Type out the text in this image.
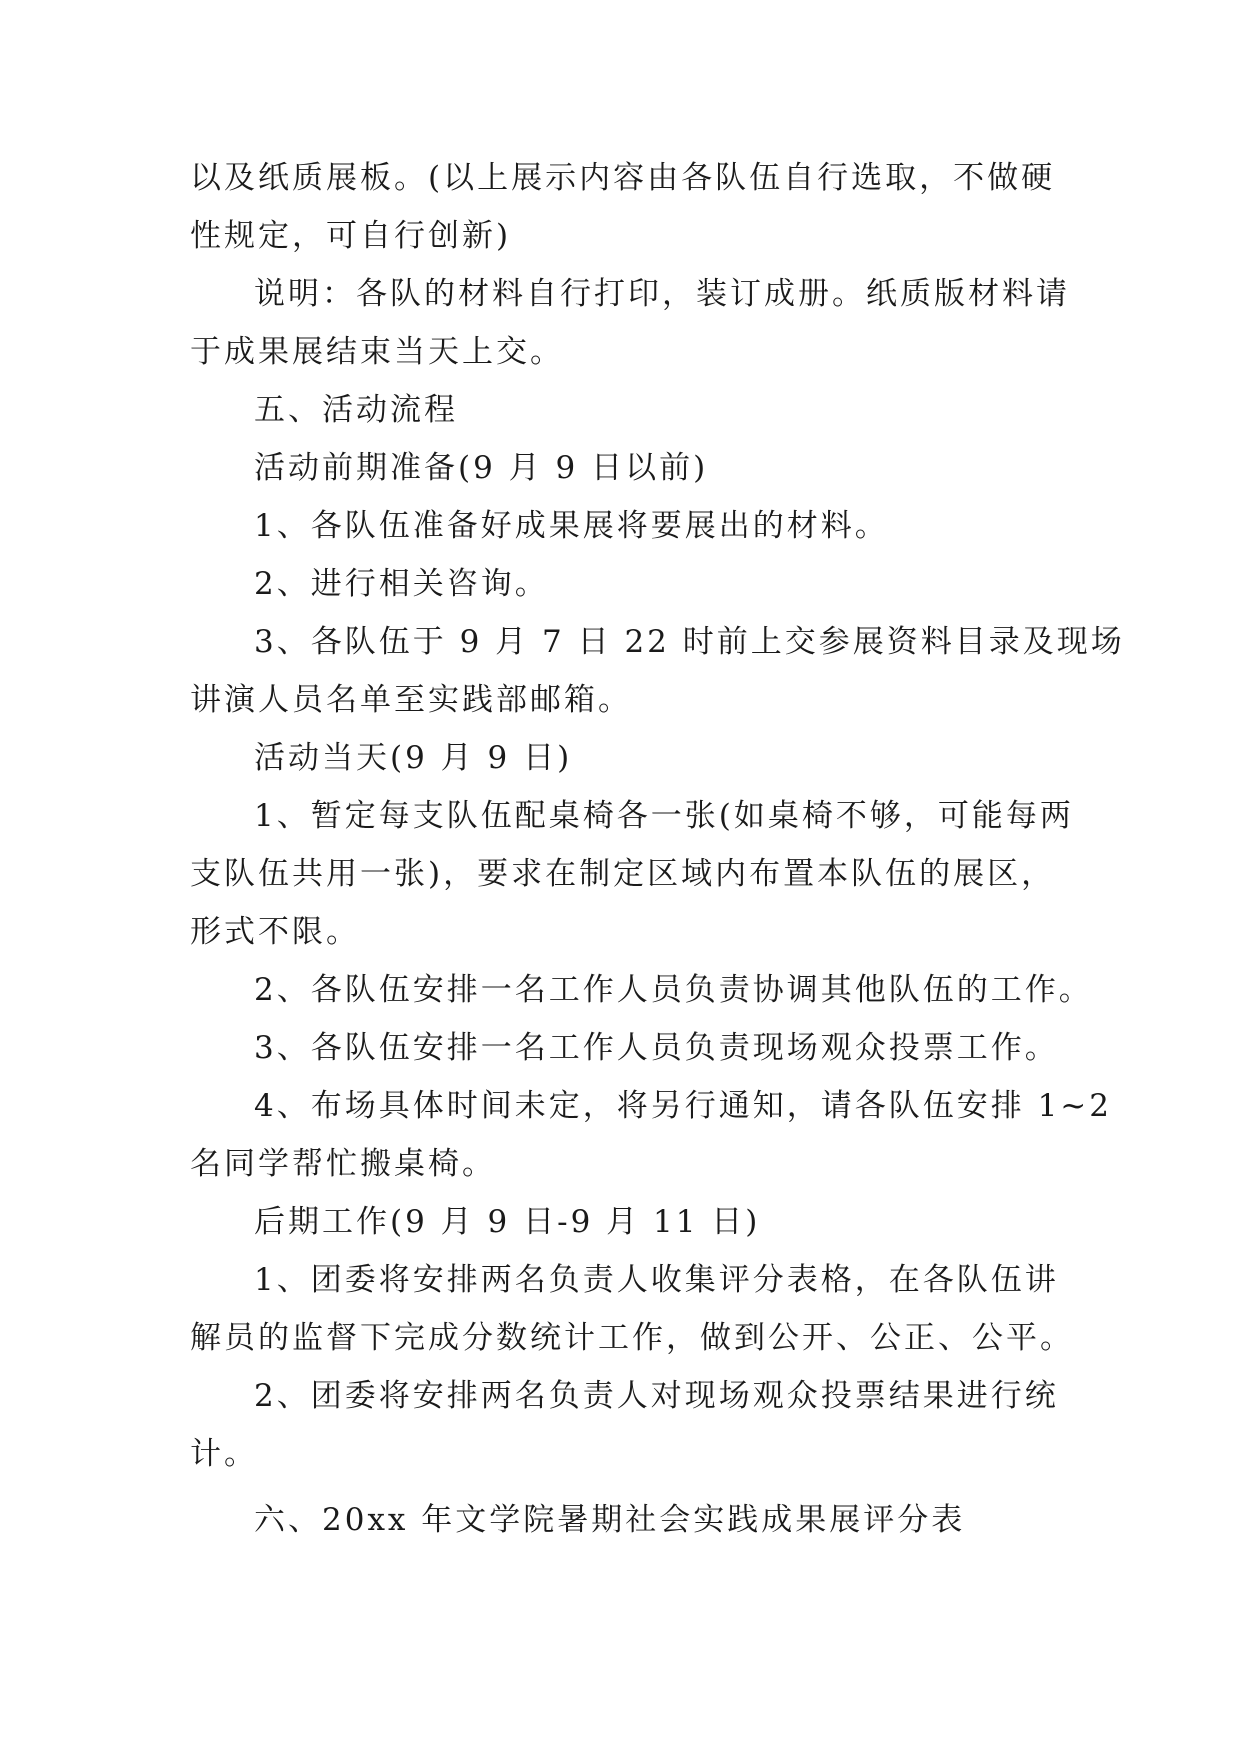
以及纸质展板。(以上展示内容由各队伍自行选取，不做硬
性规定，可自行创新)
说明：各队的材料自行打印，装订成册。纸质版材料请
于成果展结束当天上交。
五、活动流程
活动前期准备(9 月 9 日以前)
1、各队伍准备好成果展将要展出的材料。
2、进行相关咨询。
3、各队伍于 9 月 7 日 22 时前上交参展资料目录及现场
讲演人员名单至实践部邮箱。
活动当天(9 月 9 日)
1、暂定每支队伍配桌椅各一张(如桌椅不够，可能每两
支队伍共用一张)，要求在制定区域内布置本队伍的展区，
形式不限。
2、各队伍安排一名工作人员负责协调其他队伍的工作。
3、各队伍安排一名工作人员负责现场观众投票工作。
4、布场具体时间未定，将另行通知，请各队伍安排 1~2
名同学帮忙搬桌椅。
后期工作(9 月 9 日-9 月 11 日)
1、团委将安排两名负责人收集评分表格，在各队伍讲
解员的监督下完成分数统计工作，做到公开、公正、公平。
2、团委将安排两名负责人对现场观众投票结果进行统
计。
六、20xx 年文学院暑期社会实践成果展评分表
